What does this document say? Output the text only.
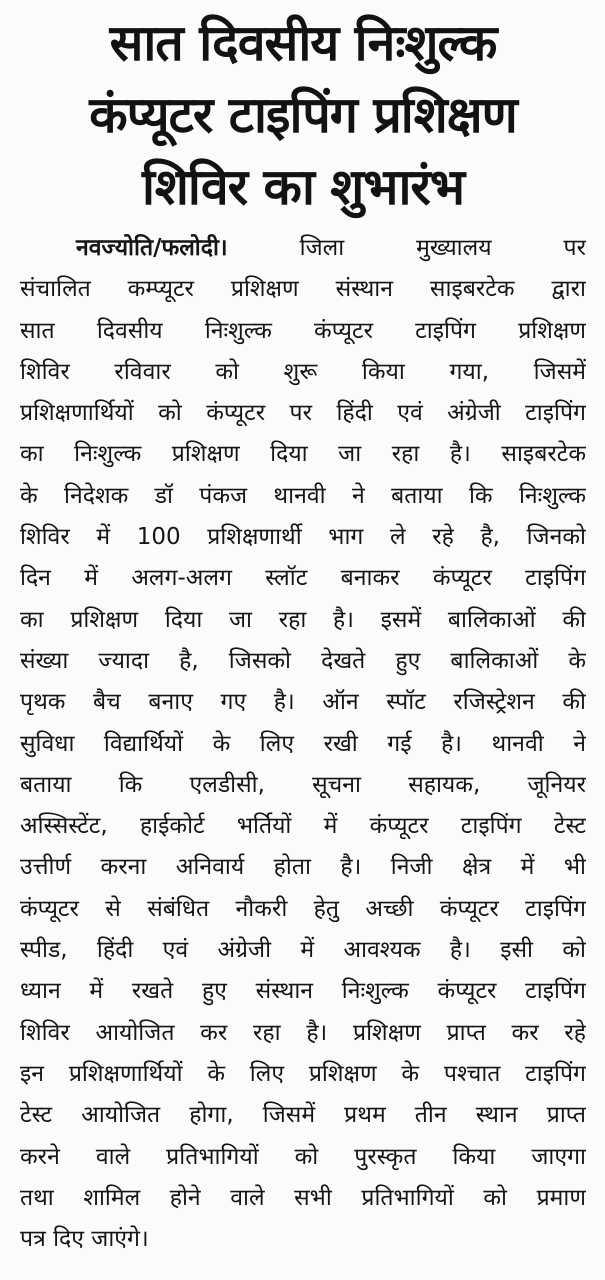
सात दिवसीय निःशुल्क
कंप्यूटर टाइपिंग प्रशिक्षण
शिविर का शुभारंभ
नवज्योति/फलोदी।	जिला मुख्यालय पर
संचालित कम्प्यूटर प्रशिक्षण संस्थान साइबरटेक द्वारा
सात दिवसीय निःशुल्क कंप्यूटर टाइपिंग प्रशिक्षण
शिविर रविवार को शुरू किया गया, जिसमें
प्रशिक्षणार्थियों को कंप्यूटर पर हिंदी एवं अंग्रेजी टाइपिंग
का निःशुल्क प्रशिक्षण दिया जा रहा है। साइबरटेक
के निदेशक डॉ पंकज थानवी ने बताया कि निःशुल्क
शिविर में 100 प्रशिक्षणार्थी भाग ले रहे है, जिनको
दिन में अलग-अलग स्लॉट बनाकर कंप्यूटर टाइपिंग
का प्रशिक्षण दिया जा रहा है। इसमें बालिकाओं की
संख्या ज्यादा है, जिसको देखते हुए बालिकाओं के
पृथक बैच बनाए गए है। ऑन स्पॉट रजिस्ट्रेशन की
सुविधा विद्यार्थियों के लिए रखी गई है। थानवी ने
बताया कि एलडीसी, सूचना सहायक, जूनियर
अस्सिस्टेंट, हाईकोर्ट भर्तियों में कंप्यूटर टाइपिंग टेस्ट
उत्तीर्ण करना अनिवार्य होता है। निजी क्षेत्र में भी
कंप्यूटर से संबंधित नौकरी हेतु अच्छी कंप्यूटर टाइपिंग
स्पीड, हिंदी एवं अंग्रेजी में आवश्यक है। इसी को
ध्यान में रखते हुए संस्थान निःशुल्क कंप्यूटर टाइपिंग
शिविर आयोजित कर रहा है। प्रशिक्षण प्राप्त कर रहे
इन प्रशिक्षणार्थियों के लिए प्रशिक्षण के पश्चात टाइपिंग
टेस्ट आयोजित होगा, जिसमें प्रथम तीन स्थान प्राप्त
करने वाले प्रतिभागियों को पुरस्कृत किया जाएगा
तथा शामिल होने वाले सभी प्रतिभागियों को प्रमाण
पत्र दिए जाएंगे।
